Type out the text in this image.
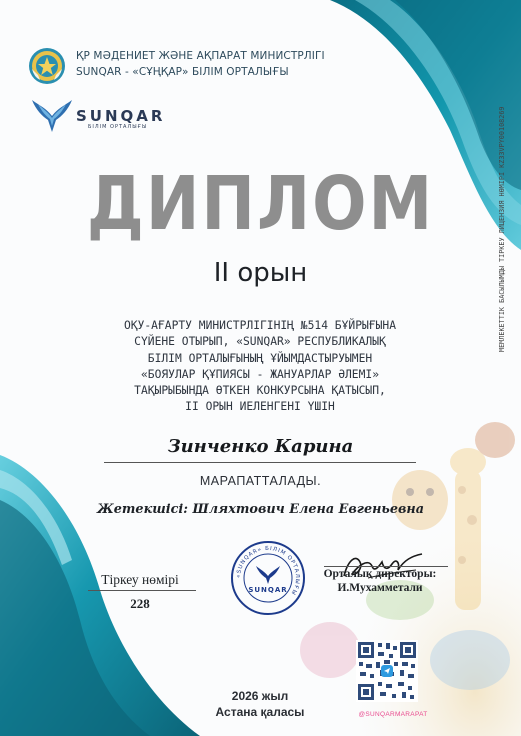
ҚР МӘДЕНИЕТ ЖӘНЕ АҚПАРАТ МИНИСТРЛІГІ
SUNQAR - «СҰҢҚАР» БІЛІМ ОРТАЛЫҒЫ
SUNQAR
БІЛІМ ОРТАЛЫҒЫ
ДИПЛОМ
II орын
ОҚУ-АҒАРТУ МИНИСТРЛІГІНІҢ №514 БҰЙРЫҒЫНА
СҮЙЕНЕ ОТЫРЫП, «SUNQAR» РЕСПУБЛИКАЛЫҚ
БІЛІМ ОРТАЛЫҒЫНЫҢ ҰЙЫМДАСТЫРУЫМЕН
«БОЯУЛАР ҚҰПИЯСЫ - ЖАНУАРЛАР ӘЛЕМІ»
ТАҚЫРЫБЫНДА ӨТКЕН КОНКУРСЫНА ҚАТЫСЫП,
II ОРЫН ИЕЛЕНГЕНІ ҮШІН
Зинченко Карина
МАРАПАТТАЛАДЫ.
Жетекшісі: Шляхтович Елена Евгеньевна
Тіркеу нөмірі
228
«SUNQAR» БІЛІМ ОРТАЛЫҒЫ
SUNQAR
Орталық директоры:
И.Мухамметали
@SUNQARMARAPAT
2026 жыл
Астана қаласы
МЕМЛЕКЕТТІК БАСЫЛЫМДЫ ТІРКЕУ ЛИЦЕНЗИЯ НӨМІРІ KZ33VPY00108269
